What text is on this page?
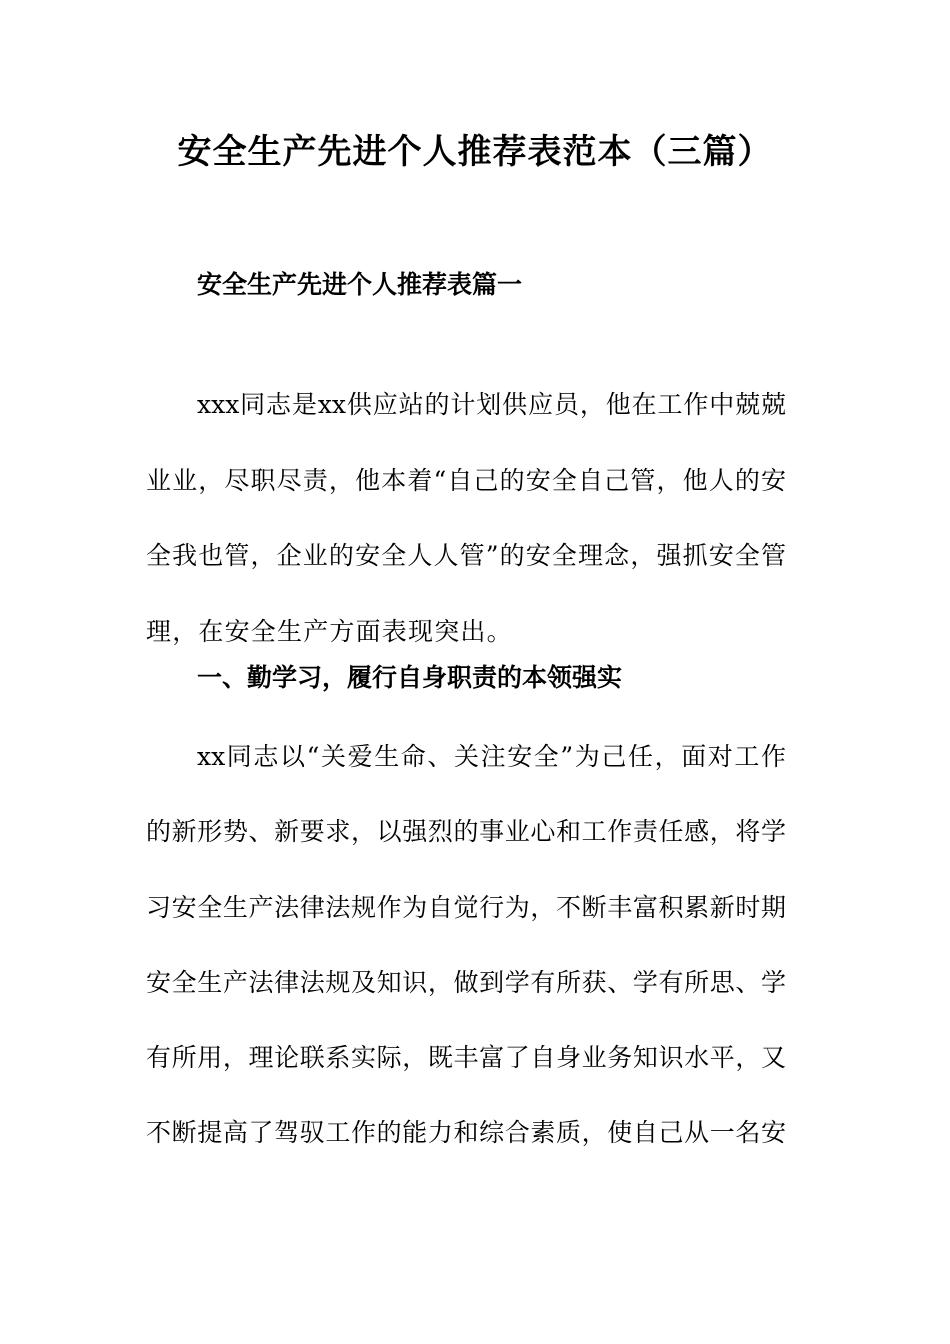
安全生产先进个人推荐表范本（三篇）
安全生产先进个人推荐表篇一
xxx同志是xx供应站的计划供应员，他在工作中兢兢
业业，尽职尽责，他本着“自己的安全自己管，他人的安
全我也管，企业的安全人人管”的安全理念，强抓安全管
理，在安全生产方面表现突出。
一、勤学习，履行自身职责的本领强实
xx同志以“关爱生命、关注安全”为己任，面对工作
的新形势、新要求，以强烈的事业心和工作责任感，将学
习安全生产法律法规作为自觉行为，不断丰富积累新时期
安全生产法律法规及知识，做到学有所获、学有所思、学
有所用，理论联系实际，既丰富了自身业务知识水平，又
不断提高了驾驭工作的能力和综合素质，使自己从一名安
